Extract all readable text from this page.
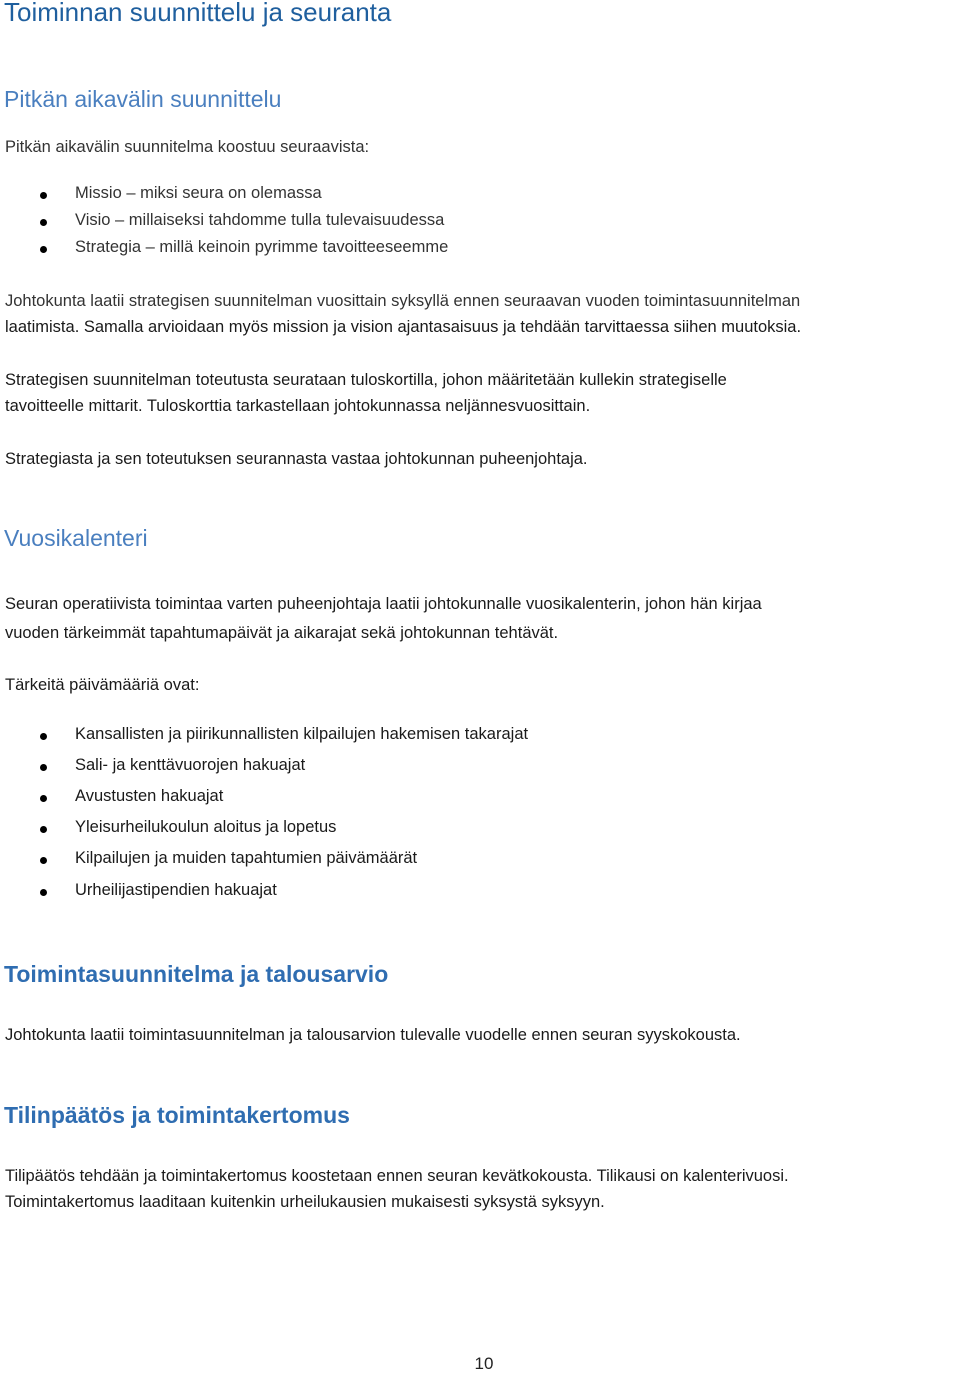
Toiminnan suunnittelu ja seuranta
Pitkän aikavälin suunnittelu
Pitkän aikavälin suunnitelma koostuu seuraavista:
Missio – miksi seura on olemassa
Visio – millaiseksi tahdomme tulla tulevaisuudessa
Strategia – millä keinoin pyrimme tavoitteeseemme
Johtokunta laatii strategisen suunnitelman vuosittain syksyllä ennen seuraavan vuoden toimintasuunnitelman
laatimista. Samalla arvioidaan myös mission ja vision ajantasaisuus ja tehdään tarvittaessa siihen muutoksia.
Strategisen suunnitelman toteutusta seurataan tuloskortilla, johon määritetään kullekin strategiselle
tavoitteelle mittarit. Tuloskorttia tarkastellaan johtokunnassa neljännesvuosittain.
Strategiasta ja sen toteutuksen seurannasta vastaa johtokunnan puheenjohtaja.
Vuosikalenteri
Seuran operatiivista toimintaa varten puheenjohtaja laatii johtokunnalle vuosikalenterin, johon hän kirjaa
vuoden tärkeimmät tapahtumapäivät ja aikarajat sekä johtokunnan tehtävät.
Tärkeitä päivämääriä ovat:
Kansallisten ja piirikunnallisten kilpailujen hakemisen takarajat
Sali- ja kenttävuorojen hakuajat
Avustusten hakuajat
Yleisurheilukoulun aloitus ja lopetus
Kilpailujen ja muiden tapahtumien päivämäärät
Urheilijastipendien hakuajat
Toimintasuunnitelma ja talousarvio
Johtokunta laatii toimintasuunnitelman ja talousarvion tulevalle vuodelle ennen seuran syyskokousta.
Tilinpäätös ja toimintakertomus
Tilipäätös tehdään ja toimintakertomus koostetaan ennen seuran kevätkokousta. Tilikausi on kalenterivuosi.
Toimintakertomus laaditaan kuitenkin urheilukausien mukaisesti syksystä syksyyn.
10
